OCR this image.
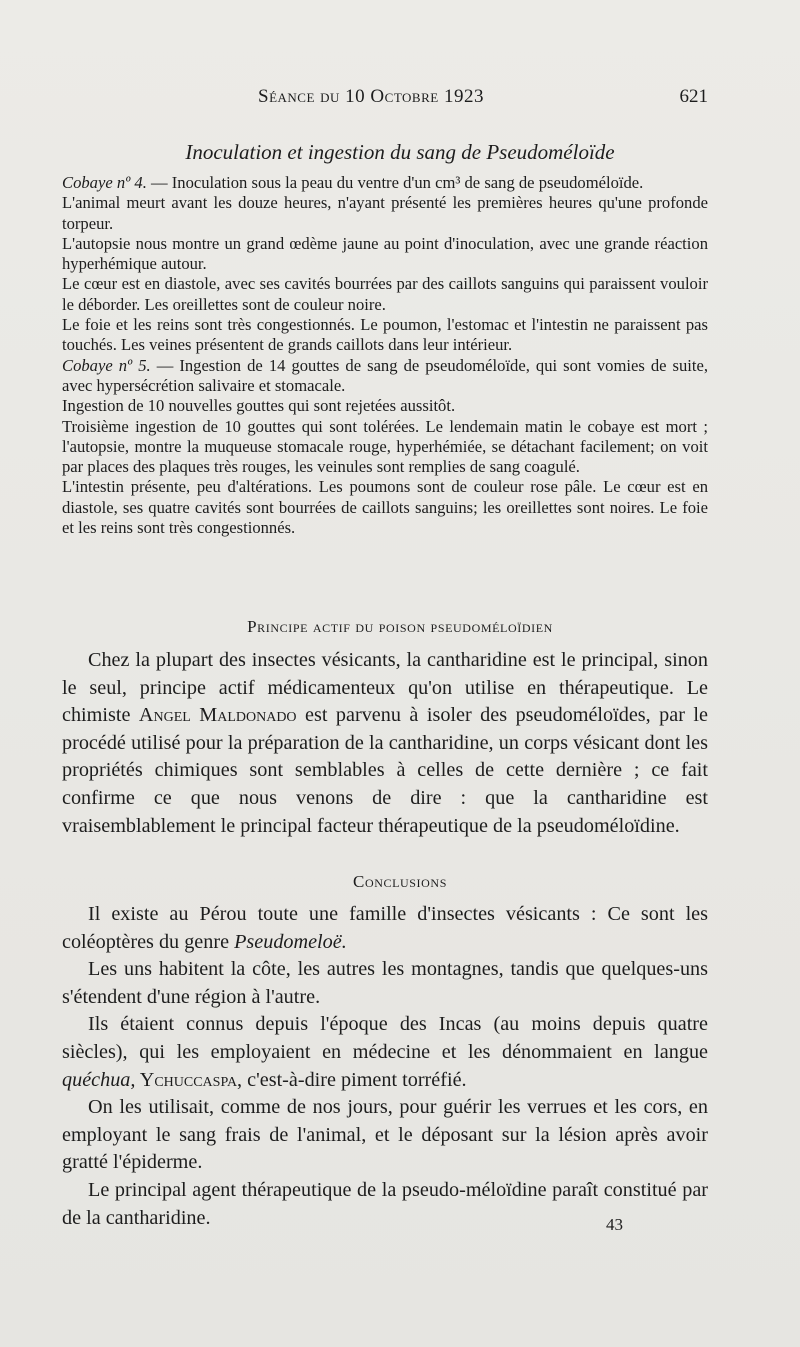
Séance du 10 Octobre 1923	621
Inoculation et ingestion du sang de Pseudoméloïde

Cobaye nº 4. — Inoculation sous la peau du ventre d'un cm³ de sang de pseudoméloïde.

L'animal meurt avant les douze heures, n'ayant présenté les premières heures qu'une profonde torpeur.

L'autopsie nous montre un grand œdème jaune au point d'inoculation, avec une grande réaction hyperhémique autour.

Le cœur est en diastole, avec ses cavités bourrées par des caillots sanguins qui paraissent vouloir le déborder. Les oreillettes sont de couleur noire.

Le foie et les reins sont très congestionnés. Le poumon, l'estomac et l'intestin ne paraissent pas touchés. Les veines présentent de grands caillots dans leur intérieur.

Cobaye nº 5. — Ingestion de 14 gouttes de sang de pseudoméloïde, qui sont vomies de suite, avec hypersécrétion salivaire et stomacale.

Ingestion de 10 nouvelles gouttes qui sont rejetées aussitôt.

Troisième ingestion de 10 gouttes qui sont tolérées. Le lendemain matin le cobaye est mort ; l'autopsie, montre la muqueuse stomacale rouge, hyperhémiée, se détachant facilement; on voit par places des plaques très rouges, les veinules sont remplies de sang coagulé.

L'intestin présente, peu d'altérations. Les poumons sont de couleur rose pâle. Le cœur est en diastole, ses quatre cavités sont bourrées de caillots sanguins; les oreillettes sont noires. Le foie et les reins sont très congestionnés.

Principe actif du poison pseudoméloïdien

Chez la plupart des insectes vésicants, la cantharidine est le principal, sinon le seul, principe actif médicamenteux qu'on utilise en thérapeutique. Le chimiste Angel Maldonado est parvenu à isoler des pseudoméloïdes, par le procédé utilisé pour la préparation de la cantharidine, un corps vésicant dont les propriétés chimiques sont semblables à celles de cette dernière ; ce fait confirme ce que nous venons de dire : que la cantharidine est vraisemblablement le principal facteur thérapeutique de la pseudoméloïdine.

Conclusions

Il existe au Pérou toute une famille d'insectes vésicants : Ce sont les coléoptères du genre Pseudomeloë.

Les uns habitent la côte, les autres les montagnes, tandis que quelques-uns s'étendent d'une région à l'autre.

Ils étaient connus depuis l'époque des Incas (au moins depuis quatre siècles), qui les employaient en médecine et les dénommaient en langue quéchua, Ychuccaspa, c'est-à-dire piment torréfié.

On les utilisait, comme de nos jours, pour guérir les verrues et les cors, en employant le sang frais de l'animal, et le déposant sur la lésion après avoir gratté l'épiderme.

Le principal agent thérapeutique de la pseudo-méloïdine paraît constitué par de la cantharidine.	43
